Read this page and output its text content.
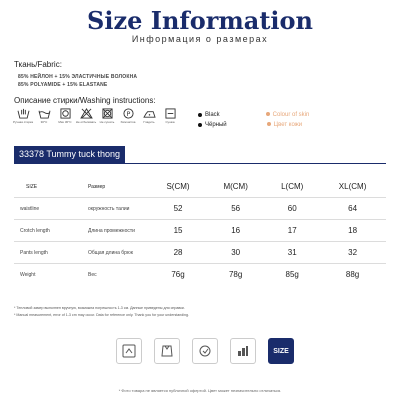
Size Information
Информация о размерах
Ткань/Fabric:
85% НЕЙЛОН + 15% ЭЛАСТИЧНЫЕ ВОЛОКНА
85% POLYAMIDE + 15% ELASTANE
Описание стирки/Washing instructions:
Ручная стирка	30°C	Max 30°C Не отбеливать Не сушить
P
Химчистка	Гладить	Сушка
Black	Colour of skin
Чёрный	Цвет кожи
33378 Tummy tuck thong
SIZE	Размер	S(CM)	M(CM)	L(CM)	XL(CM)
waistline	окружность талии	52	56	60	64
Crotch length	Длина промежности	15	16	17	18
Pants length	Общая длина брюк	28	30	31	32
Weight	Вес	76g	78g	85g	88g
* Тепловой замер выполнен вручную, возможна погрешность 1-3 см. Данные приведены для справки.
* Manual measurement, error of 1-3 cm may occur. Data for reference only. Thank you for your understanding.
SIZE
* Фото товара не является публичной офертой. Цвет может незначительно отличаться.
